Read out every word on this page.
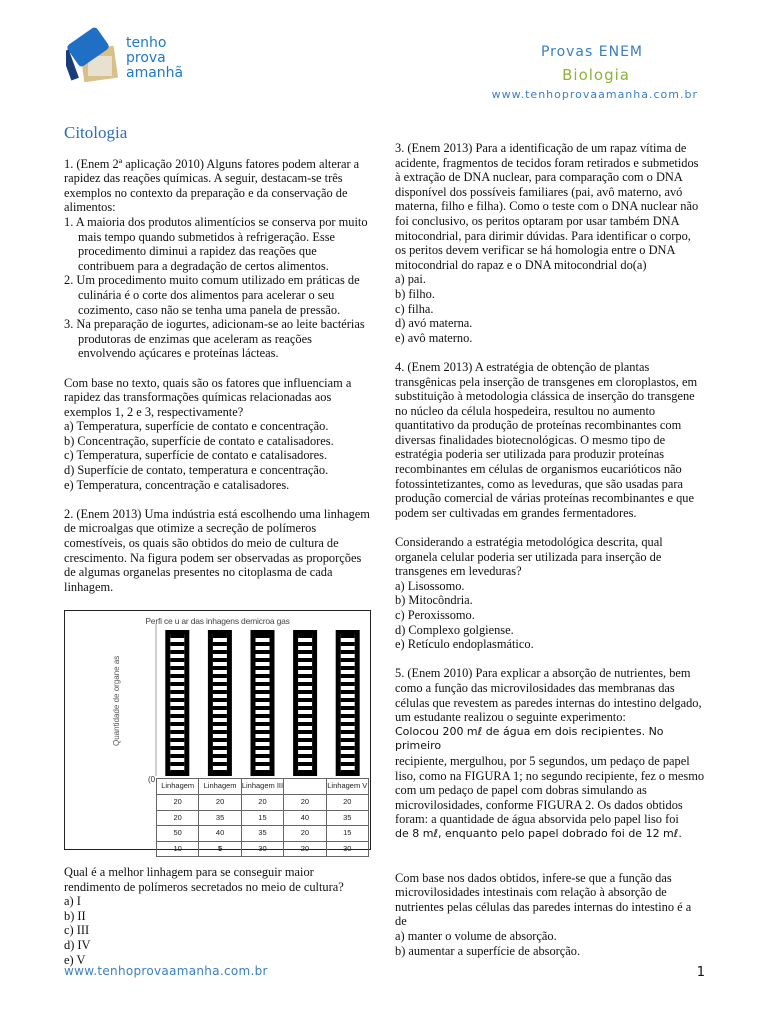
tenho
prova
amanhã
Provas ENEM
Biologia
www.tenhoprovaamanha.com.br
Citologia

1. (Enem 2ª aplicação 2010) Alguns fatores podem alterar a rapidez das reações químicas. A seguir, destacam-se três exemplos no contexto da preparação e da conservação de alimentos:

1. A maioria dos produtos alimentícios se conserva por muito mais tempo quando submetidos à refrigeração. Esse procedimento diminui a rapidez das reações que contribuem para a degradação de certos alimentos.

2. Um procedimento muito comum utilizado em práticas de culinária é o corte dos alimentos para acelerar o seu cozimento, caso não se tenha uma panela de pressão.

3. Na preparação de iogurtes, adicionam-se ao leite bactérias produtoras de enzimas que aceleram as reações envolvendo açúcares e proteínas lácteas.

Com base no texto, quais são os fatores que influenciam a rapidez das transformações químicas relacionadas aos exemplos 1, 2 e 3, respectivamente?

a) Temperatura, superfície de contato e concentração.

b) Concentração, superfície de contato e catalisadores.

c) Temperatura, superfície de contato e catalisadores.

d) Superfície de contato, temperatura e concentração.

e) Temperatura, concentração e catalisadores.

2. (Enem 2013) Uma indústria está escolhendo uma linhagem de microalgas que otimize a secreção de polímeros comestíveis, os quais são obtidos do meio de cultura de crescimento. Na figura podem ser observadas as proporções de algumas organelas presentes no citoplasma de cada linhagem.

Perfi ce u ar das inhagens demicroa gas
Quantidade de organe as
(0
Linhagem	Linhagem	Linhagem III		Linhagem V
20	20	20	20	20
20	35	15	40	35
50	40	35	20	15
10	5	30	20	30

Qual é a melhor linhagem para se conseguir maior rendimento de polímeros secretados no meio de cultura?

a) I

b) II

c) III

d) IV

e) V

3. (Enem 2013) Para a identificação de um rapaz vítima de acidente, fragmentos de tecidos foram retirados e submetidos à extração de DNA nuclear, para comparação com o DNA disponível dos possíveis familiares (pai, avô materno, avó materna, filho e filha). Como o teste com o DNA nuclear não foi conclusivo, os peritos optaram por usar também DNA mitocondrial, para dirimir dúvidas. Para identificar o corpo, os peritos devem verificar se há homologia entre o DNA mitocondrial do rapaz e o DNA mitocondrial do(a)

a) pai.

b) filho.

c) filha.

d) avó materna.

e) avô materno.

4. (Enem 2013) A estratégia de obtenção de plantas transgênicas pela inserção de transgenes em cloroplastos, em substituição à metodologia clássica de inserção do transgene no núcleo da célula hospedeira, resultou no aumento quantitativo da produção de proteínas recombinantes com diversas finalidades biotecnológicas. O mesmo tipo de estratégia poderia ser utilizada para produzir proteínas recombinantes em células de organismos eucarióticos não fotossintetizantes, como as leveduras, que são usadas para produção comercial de várias proteínas recombinantes e que podem ser cultivadas em grandes fermentadores.

Considerando a estratégia metodológica descrita, qual organela celular poderia ser utilizada para inserção de transgenes em leveduras?

a) Lisossomo.

b) Mitocôndria.

c) Peroxissomo.

d) Complexo golgiense.

e) Retículo endoplasmático.

5. (Enem 2010) Para explicar a absorção de nutrientes, bem como a função das microvilosidades das membranas das células que revestem as paredes internas do intestino delgado, um estudante realizou o seguinte experimento:

Colocou 200 mℓ de água em dois recipientes. No primeiro

recipiente, mergulhou, por 5 segundos, um pedaço de papel liso, como na FIGURA 1; no segundo recipiente, fez o mesmo com um pedaço de papel com dobras simulando as microvilosidades, conforme FIGURA 2. Os dados obtidos foram: a quantidade de água absorvida pelo papel liso foi

de 8 mℓ, enquanto pelo papel dobrado foi de 12 mℓ.

Com base nos dados obtidos, infere-se que a função das microvilosidades intestinais com relação à absorção de nutrientes pelas células das paredes internas do intestino é a de

a) manter o volume de absorção.

b) aumentar a superfície de absorção.

www.tenhoprovaamanha.com.br	1
